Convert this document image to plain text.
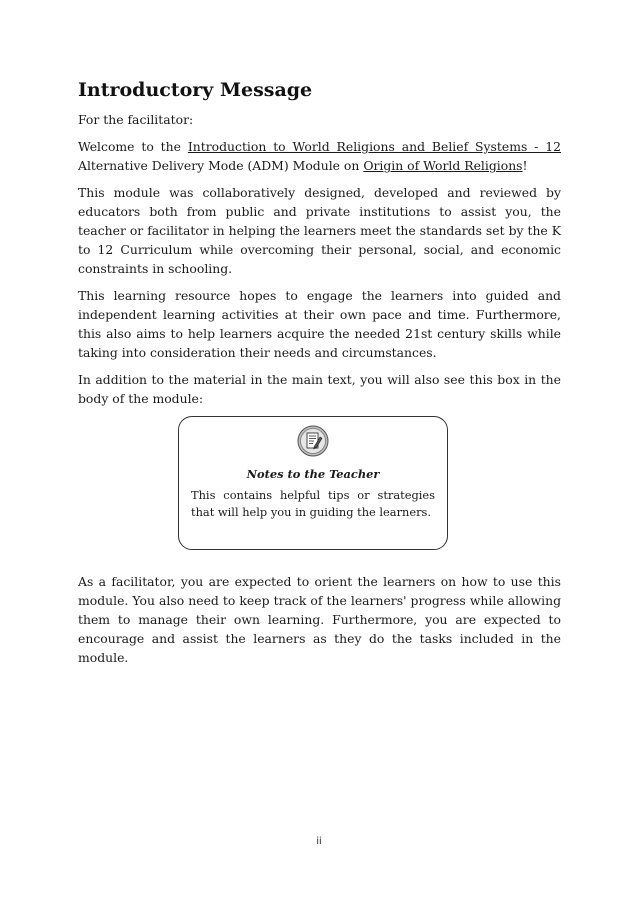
Introductory Message

For the facilitator:

Welcome to the Introduction to World Religions and Belief Systems - 12 Alternative Delivery Mode (ADM) Module on Origin of World Religions!

This module was collaboratively designed, developed and reviewed by educators both from public and private institutions to assist you, the teacher or facilitator in helping the learners meet the standards set by the K to 12 Curriculum while overcoming their personal, social, and economic constraints in schooling.

This learning resource hopes to engage the learners into guided and independent learning activities at their own pace and time. Furthermore, this also aims to help learners acquire the needed 21st century skills while taking into consideration their needs and circumstances.

In addition to the material in the main text, you will also see this box in the body of the module:

Notes to the Teacher
This contains helpful tips or strategies that will help you in guiding the learners.

As a facilitator, you are expected to orient the learners on how to use this module. You also need to keep track of the learners' progress while allowing them to manage their own learning. Furthermore, you are expected to encourage and assist the learners as they do the tasks included in the module.

ii
